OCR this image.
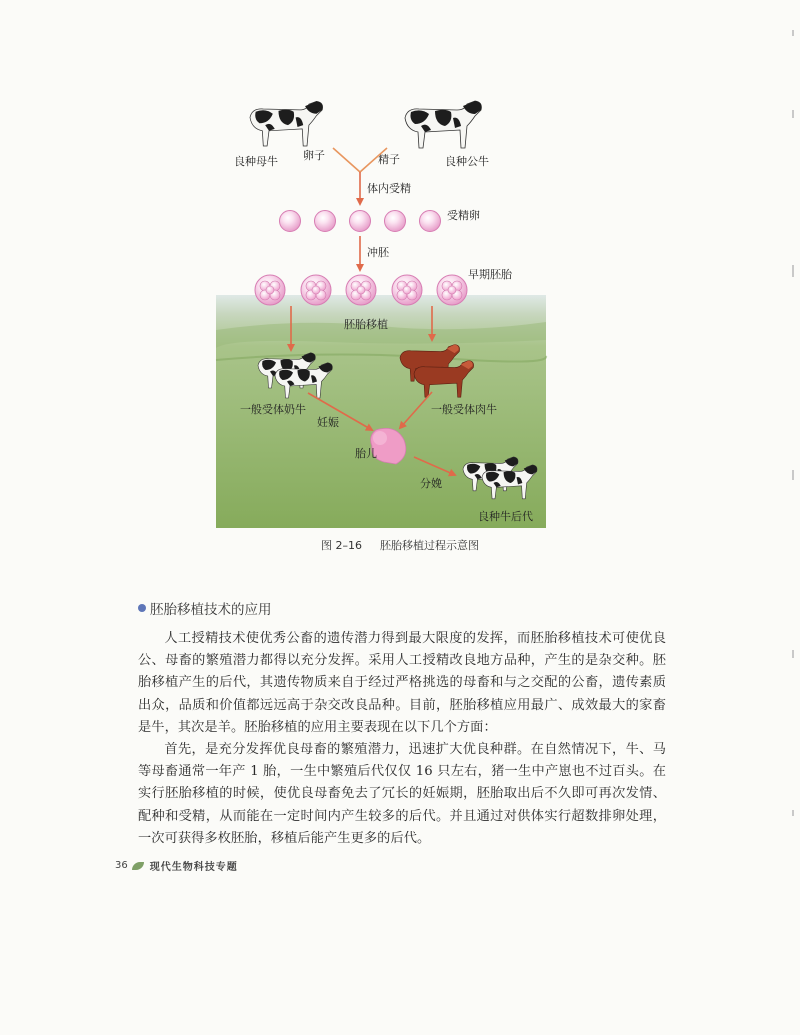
良种母牛 卵子	精子	良种公牛
体内受精
受精卵
冲胚
早期胚胎
胚胎移植
一般受体奶牛	一般受体肉牛
妊娠
胎儿
分娩
良种牛后代
图 2–16 胚胎移植过程示意图
胚胎移植技术的应用

人工授精技术使优秀公畜的遗传潜力得到最大限度的发挥，而胚胎移植技术可使优良公、母畜的繁殖潜力都得以充分发挥。采用人工授精改良地方品种，产生的是杂交种。胚胎移植产生的后代，其遗传物质来自于经过严格挑选的母畜和与之交配的公畜，遗传素质出众，品质和价值都远远高于杂交改良品种。目前，胚胎移植应用最广、成效最大的家畜是牛，其次是羊。胚胎移植的应用主要表现在以下几个方面：

首先，是充分发挥优良母畜的繁殖潜力，迅速扩大优良种群。在自然情况下，牛、马等母畜通常一年产 1 胎，一生中繁殖后代仅仅 16 只左右，猪一生中产崽也不过百头。在实行胚胎移植的时候，使优良母畜免去了冗长的妊娠期，胚胎取出后不久即可再次发情、配种和受精，从而能在一定时间内产生较多的后代。并且通过对供体实行超数排卵处理，一次可获得多枚胚胎，移植后能产生更多的后代。

36 现代生物科技专题
